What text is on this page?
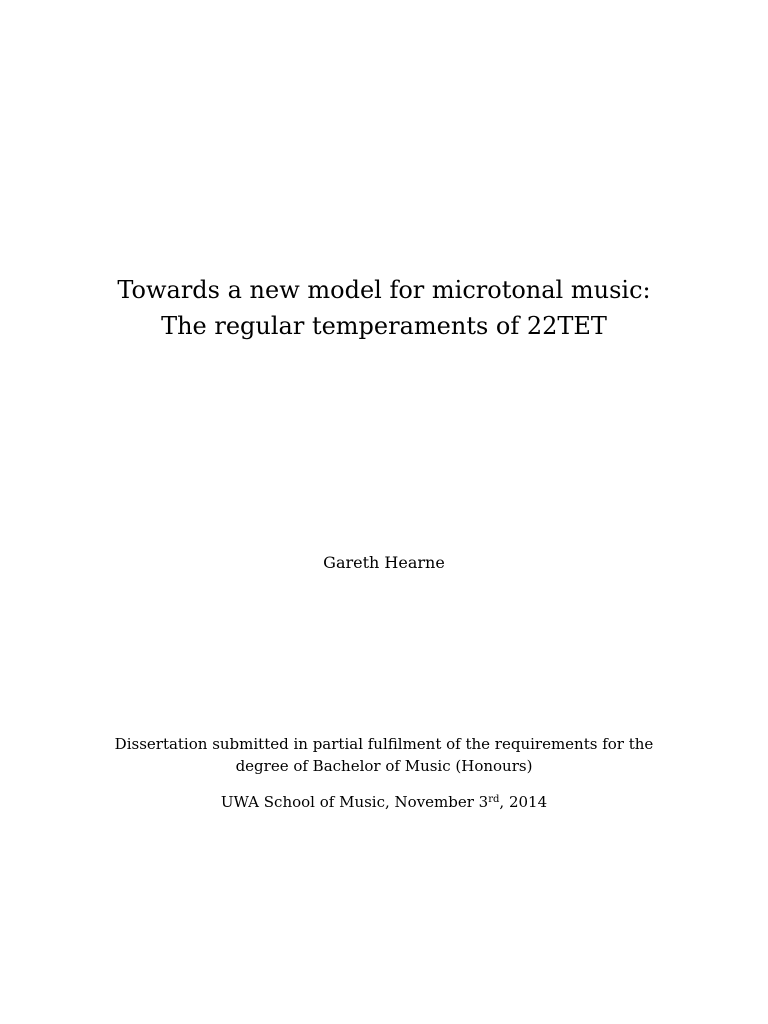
Towards a new model for microtonal music:
The regular temperaments of 22TET
Gareth Hearne
Dissertation submitted in partial fulfilment of the requirements for the
degree of Bachelor of Music (Honours)
UWA School of Music, November 3rd, 2014
